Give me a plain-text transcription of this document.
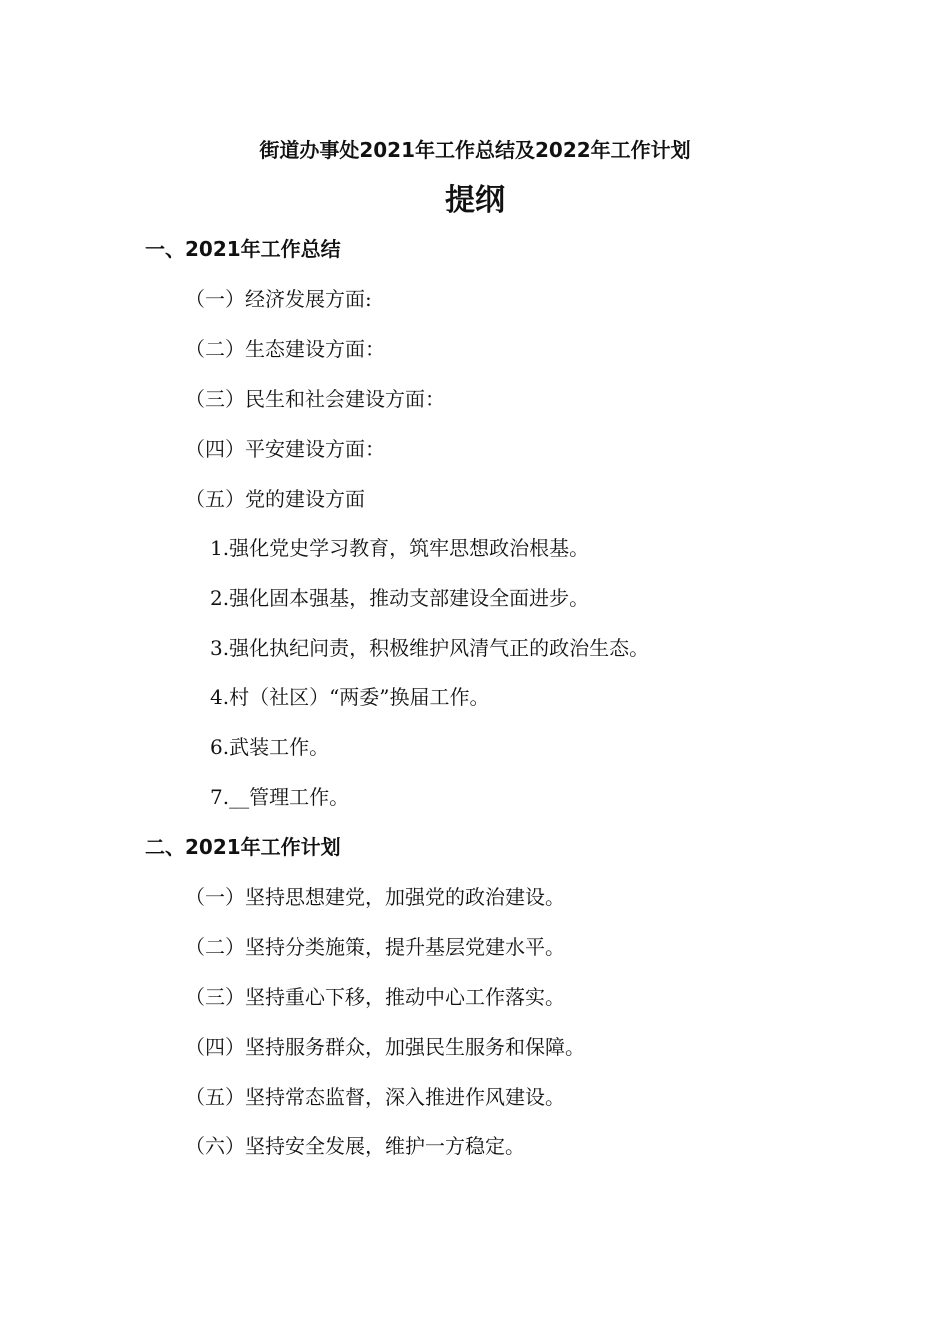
街道办事处2021年工作总结及2022年工作计划
提纲
一、2021年工作总结
（一）经济发展方面:
（二）生态建设方面：
（三）民生和社会建设方面：
（四）平安建设方面：
（五）党的建设方面
1.强化党史学习教育，筑牢思想政治根基。
2.强化固本强基，推动支部建设全面进步。
3.强化执纪问责，积极维护风清气正的政治生态。
4.村（社区）“两委”换届工作。
6.武装工作。
7.__管理工作。
二、2021年工作计划
（一）坚持思想建党，加强党的政治建设。
（二）坚持分类施策，提升基层党建水平。
（三）坚持重心下移，推动中心工作落实。
（四）坚持服务群众，加强民生服务和保障。
（五）坚持常态监督，深入推进作风建设。
（六）坚持安全发展，维护一方稳定。
